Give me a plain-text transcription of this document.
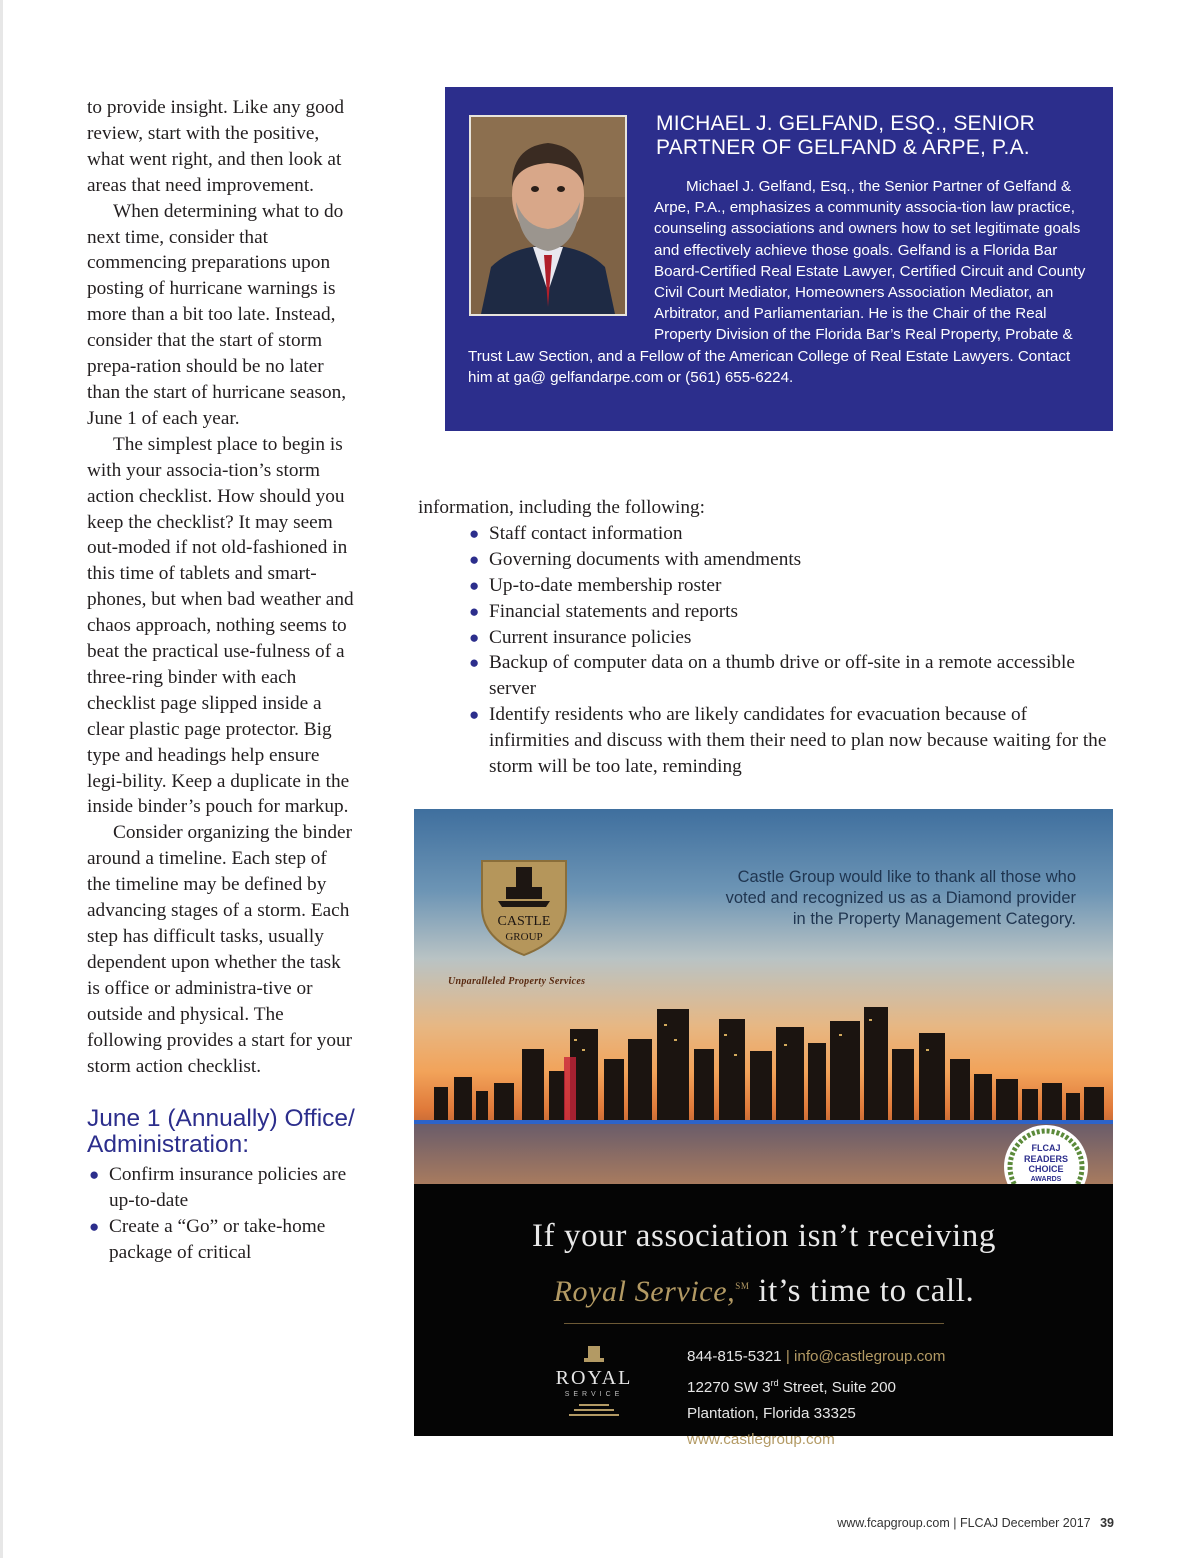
to provide insight. Like any good review, start with the positive, what went right, and then look at areas that need improvement.

When determining what to do next time, consider that commencing preparations upon posting of hurricane warnings is more than a bit too late. Instead, consider that the start of storm prepa-ration should be no later than the start of hurricane season, June 1 of each year.

The simplest place to begin is with your associa-tion’s storm action checklist. How should you keep the checklist? It may seem out-moded if not old-fashioned in this time of tablets and smart-phones, but when bad weather and chaos approach, nothing seems to beat the practical use-fulness of a three-ring binder with each checklist page slipped inside a clear plastic page protector. Big type and headings help ensure legi-bility. Keep a duplicate in the inside binder’s pouch for markup.

Consider organizing the binder around a timeline. Each step of the timeline may be defined by advancing stages of a storm. Each step has difficult tasks, usually dependent upon whether the task is office or administra-tive or outside and physical. The following provides a start for your storm action checklist.

June 1 (Annually) Office/ Administration:
● Confirm insurance policies are up-to-date
● Create a “Go” or take-home package of critical
MICHAEL J. GELFAND, ESQ., SENIOR PARTNER OF GELFAND & ARPE, P.A.
Michael J. Gelfand, Esq., the Senior Partner of Gelfand & Arpe, P.A., emphasizes a community associa-tion law practice, counseling associations and owners how to set legitimate goals and effectively achieve those goals. Gelfand is a Florida Bar Board-Certified Real Estate Lawyer, Certified Circuit and County Civil Court Mediator, Homeowners Association Mediator, an Arbitrator, and Parliamentarian. He is the Chair of the Real Property Division of the Florida Bar’s Real Property, Probate & Trust Law Section, and a Fellow of the American College of Real Estate Lawyers. Contact him at ga@ gelfandarpe.com or (561) 655-6224.

information, including the following:

● Staff contact information
● Governing documents with amendments
● Up-to-date membership roster
● Financial statements and reports
● Current insurance policies
● Backup of computer data on a thumb drive or off-site in a remote accessible server
● Identify residents who are likely candidates for evacuation because of infirmities and discuss with them their need to plan now because waiting for the storm will be too late, reminding
Castle Group would like to thank all those who
voted and recognized us as a Diamond provider
in the Property Management Category.
CASTLE
GROUP
Unparalleled Property Services
FLCAJ
READERS
CHOICE
AWARDS
If your association isn’t receiving
Royal Service,℠ it’s time to call.
ROYAL
SERVICE
844-815-5321 | info@castlegroup.com
12270 SW 3rd Street, Suite 200
Plantation, Florida 33325
www.castlegroup.com
www.fcapgroup.com | FLCAJ December 2017 39
